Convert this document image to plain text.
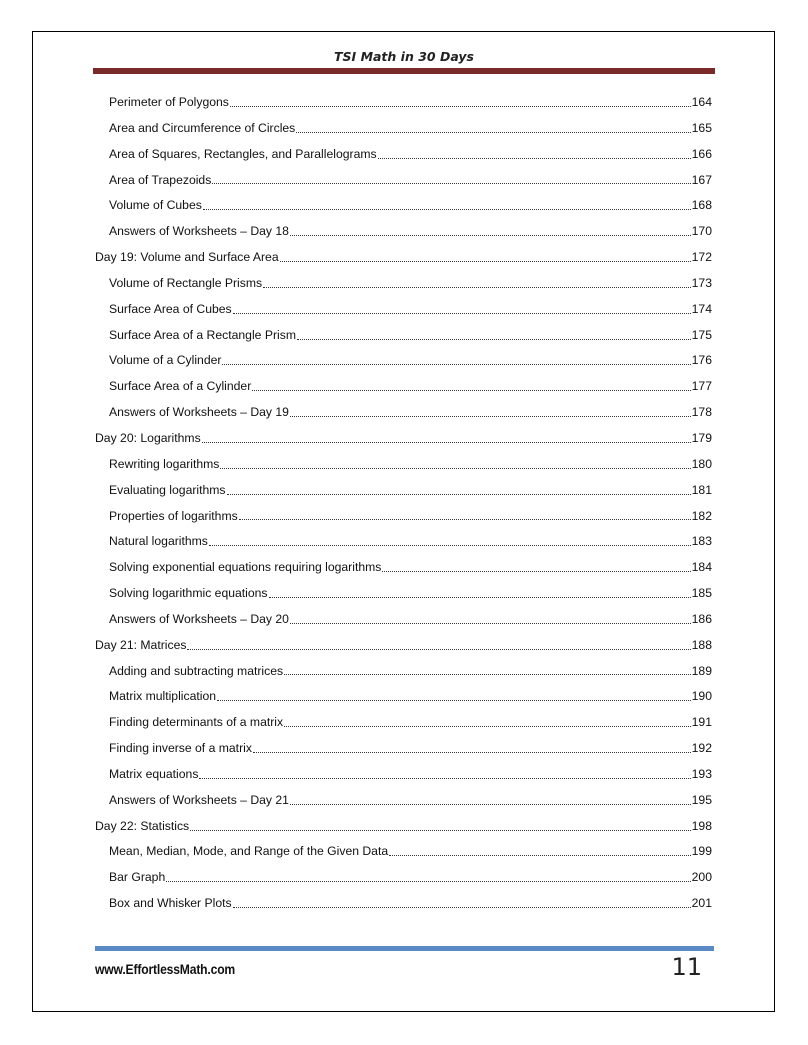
TSI Math in 30 Days
Perimeter of Polygons	164
Area and Circumference of Circles	165
Area of Squares, Rectangles, and Parallelograms	166
Area of Trapezoids	167
Volume of Cubes	168
Answers of Worksheets – Day 18	170
Day 19: Volume and Surface Area	172
Volume of Rectangle Prisms	173
Surface Area of Cubes	174
Surface Area of a Rectangle Prism	175
Volume of a Cylinder	176
Surface Area of a Cylinder	177
Answers of Worksheets – Day 19	178
Day 20: Logarithms	179
Rewriting logarithms	180
Evaluating logarithms	181
Properties of logarithms	182
Natural logarithms	183
Solving exponential equations requiring logarithms	184
Solving logarithmic equations	185
Answers of Worksheets – Day 20	186
Day 21: Matrices	188
Adding and subtracting matrices	189
Matrix multiplication	190
Finding determinants of a matrix	191
Finding inverse of a matrix	192
Matrix equations	193
Answers of Worksheets – Day 21	195
Day 22: Statistics	198
Mean, Median, Mode, and Range of the Given Data	199
Bar Graph	200
Box and Whisker Plots	201
www.EffortlessMath.com	11
